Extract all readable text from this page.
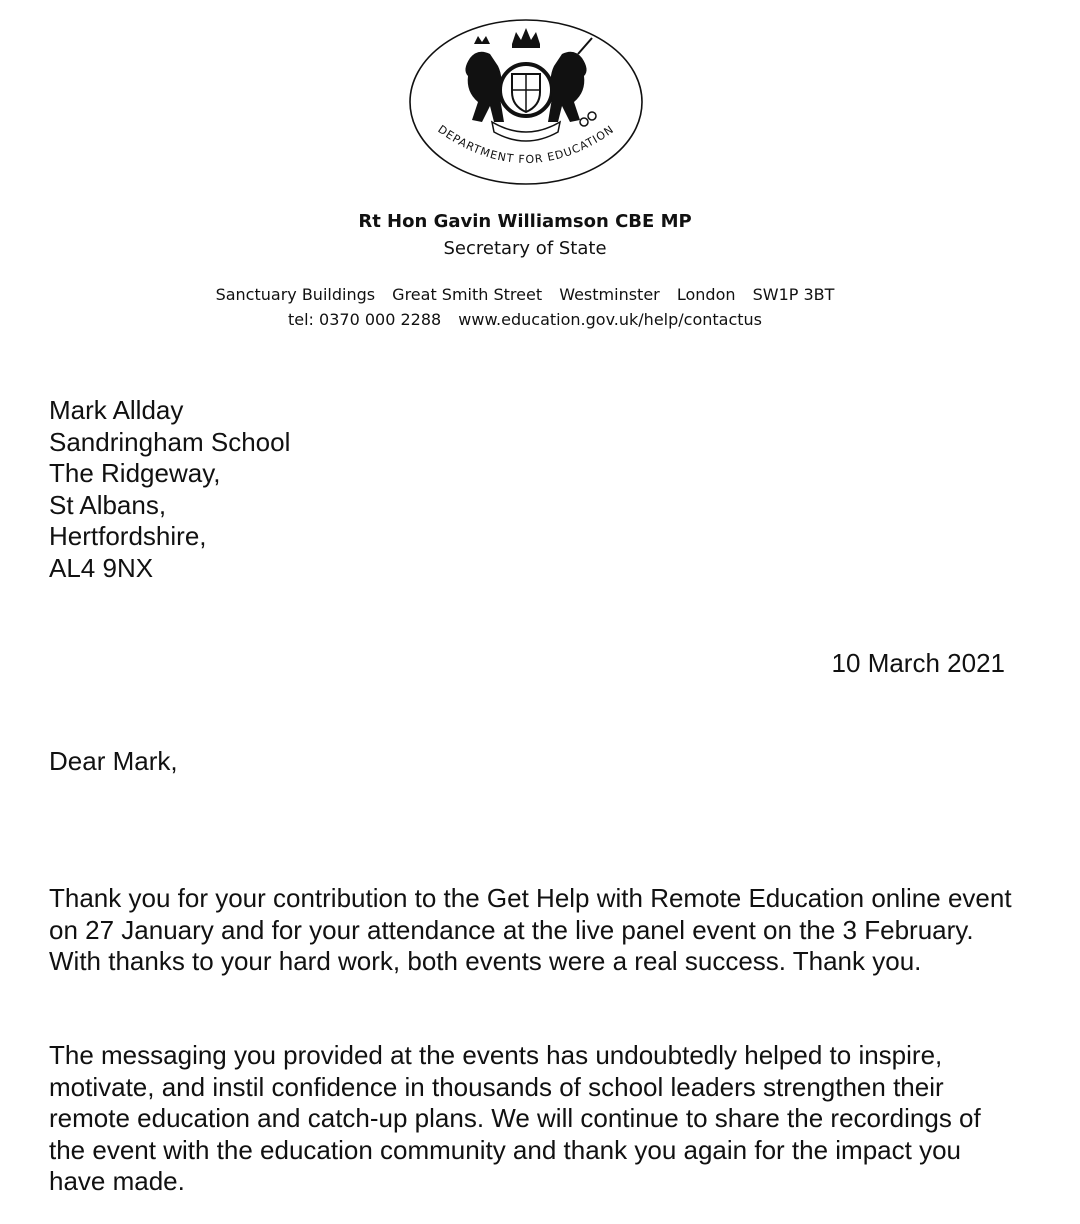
DEPARTMENT FOR EDUCATION
Rt Hon Gavin Williamson CBE MP
Secretary of State
Sanctuary Buildings Great Smith Street Westminster London SW1P 3BT
tel: 0370 000 2288 www.education.gov.uk/help/contactus
Mark Allday
Sandringham School
The Ridgeway,
St Albans,
Hertfordshire,
AL4 9NX
10 March 2021
Dear Mark,

Thank you for your contribution to the Get Help with Remote Education online event on 27 January and for your attendance at the live panel event on the 3 February. With thanks to your hard work, both events were a real success. Thank you.

The messaging you provided at the events has undoubtedly helped to inspire, motivate, and instil confidence in thousands of school leaders strengthen their remote education and catch-up plans. We will continue to share the recordings of the event with the education community and thank you again for the impact you have made.
